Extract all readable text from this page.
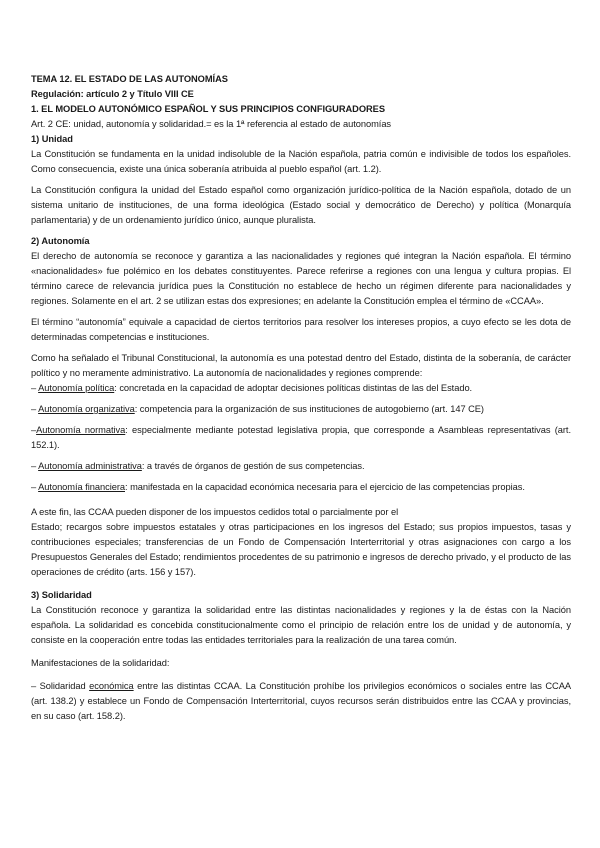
TEMA 12. EL ESTADO DE LAS AUTONOMÍAS

Regulación: artículo 2 y Título VIII CE

1. EL MODELO AUTONÓMICO ESPAÑOL Y SUS PRINCIPIOS CONFIGURADORES

Art. 2 CE: unidad, autonomía y solidaridad.= es la 1ª referencia al estado de autonomías

1) Unidad

La Constitución se fundamenta en la unidad indisoluble de la Nación española, patria común e indivisible de todos los españoles. Como consecuencia, existe una única soberanía atribuida al pueblo español (art. 1.2).

La Constitución configura la unidad del Estado español como organización jurídico-política de la Nación española, dotado de un sistema unitario de instituciones, de una forma ideológica (Estado social y democrático de Derecho) y política (Monarquía parlamentaria) y de un ordenamiento jurídico único, aunque pluralista.

2) Autonomía

El derecho de autonomía se reconoce y garantiza a las nacionalidades y regiones qué integran la Nación española. El término «nacionalidades» fue polémico en los debates constituyentes. Parece referirse a regiones con una lengua y cultura propias. El término carece de relevancia jurídica pues la Constitución no establece de hecho un régimen diferente para nacionalidades y regiones. Solamente en el art. 2 se utilizan estas dos expresiones; en adelante la Constitución emplea el término de «CCAA».

El término “autonomía” equivale a capacidad de ciertos territorios para resolver los intereses propios, a cuyo efecto se les dota de determinadas competencias e instituciones.

Como ha señalado el Tribunal Constitucional, la autonomía es una potestad dentro del Estado, distinta de la soberanía, de carácter político y no meramente administrativo. La autonomía de nacionalidades y regiones comprende:

– Autonomía política: concretada en la capacidad de adoptar decisiones políticas distintas de las del Estado.

– Autonomía organizativa: competencia para la organización de sus instituciones de autogobierno (art. 147 CE)

–Autonomía normativa: especialmente mediante potestad legislativa propia, que corresponde a Asambleas representativas (art. 152.1).

– Autonomía administrativa: a través de órganos de gestión de sus competencias.

– Autonomía financiera: manifestada en la capacidad económica necesaria para el ejercicio de las competencias propias.

A este fin, las CCAA pueden disponer de los impuestos cedidos total o parcialmente por el

Estado; recargos sobre impuestos estatales y otras participaciones en los ingresos del Estado; sus propios impuestos, tasas y contribuciones especiales; transferencias de un Fondo de Compensación Interterritorial y otras asignaciones con cargo a los Presupuestos Generales del Estado; rendimientos procedentes de su patrimonio e ingresos de derecho privado, y el producto de las operaciones de crédito (arts. 156 y 157).

3) Solidaridad

La Constitución reconoce y garantiza la solidaridad entre las distintas nacionalidades y regiones y la de éstas con la Nación española. La solidaridad es concebida constitucionalmente como el principio de relación entre los de unidad y de autonomía, y consiste en la cooperación entre todas las entidades territoriales para la realización de una tarea común.

Manifestaciones de la solidaridad:

– Solidaridad económica entre las distintas CCAA. La Constitución prohíbe los privilegios económicos o sociales entre las CCAA (art. 138.2) y establece un Fondo de Compensación Interterritorial, cuyos recursos serán distribuidos entre las CCAA y provincias, en su caso (art. 158.2).
